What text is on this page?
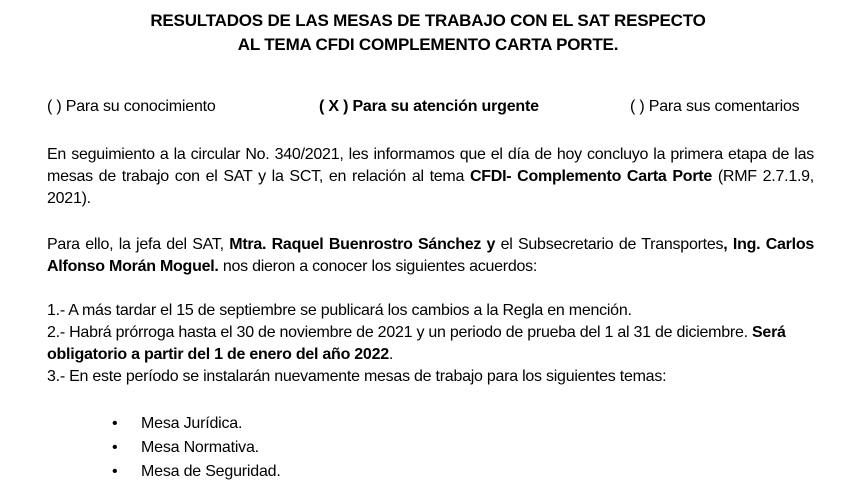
RESULTADOS DE LAS MESAS DE TRABAJO CON EL SAT RESPECTO
AL TEMA CFDI COMPLEMENTO CARTA PORTE.
( ) Para su conocimiento	( X ) Para su atención urgente	( ) Para sus comentarios
En seguimiento a la circular No. 340/2021, les informamos que el día de hoy concluyo la primera etapa de las mesas de trabajo con el SAT y la SCT, en relación al tema CFDI- Complemento Carta Porte (RMF 2.7.1.9, 2021).
Para ello, la jefa del SAT, Mtra. Raquel Buenrostro Sánchez y el Subsecretario de Transportes, Ing. Carlos Alfonso Morán Moguel. nos dieron a conocer los siguientes acuerdos:
1.- A más tardar el 15 de septiembre se publicará los cambios a la Regla en mención.
2.- Habrá prórroga hasta el 30 de noviembre de 2021 y un periodo de prueba del 1 al 31 de diciembre. Será obligatorio a partir del 1 de enero del año 2022.
3.- En este período se instalarán nuevamente mesas de trabajo para los siguientes temas:
• Mesa Jurídica.
• Mesa Normativa.
• Mesa de Seguridad.
